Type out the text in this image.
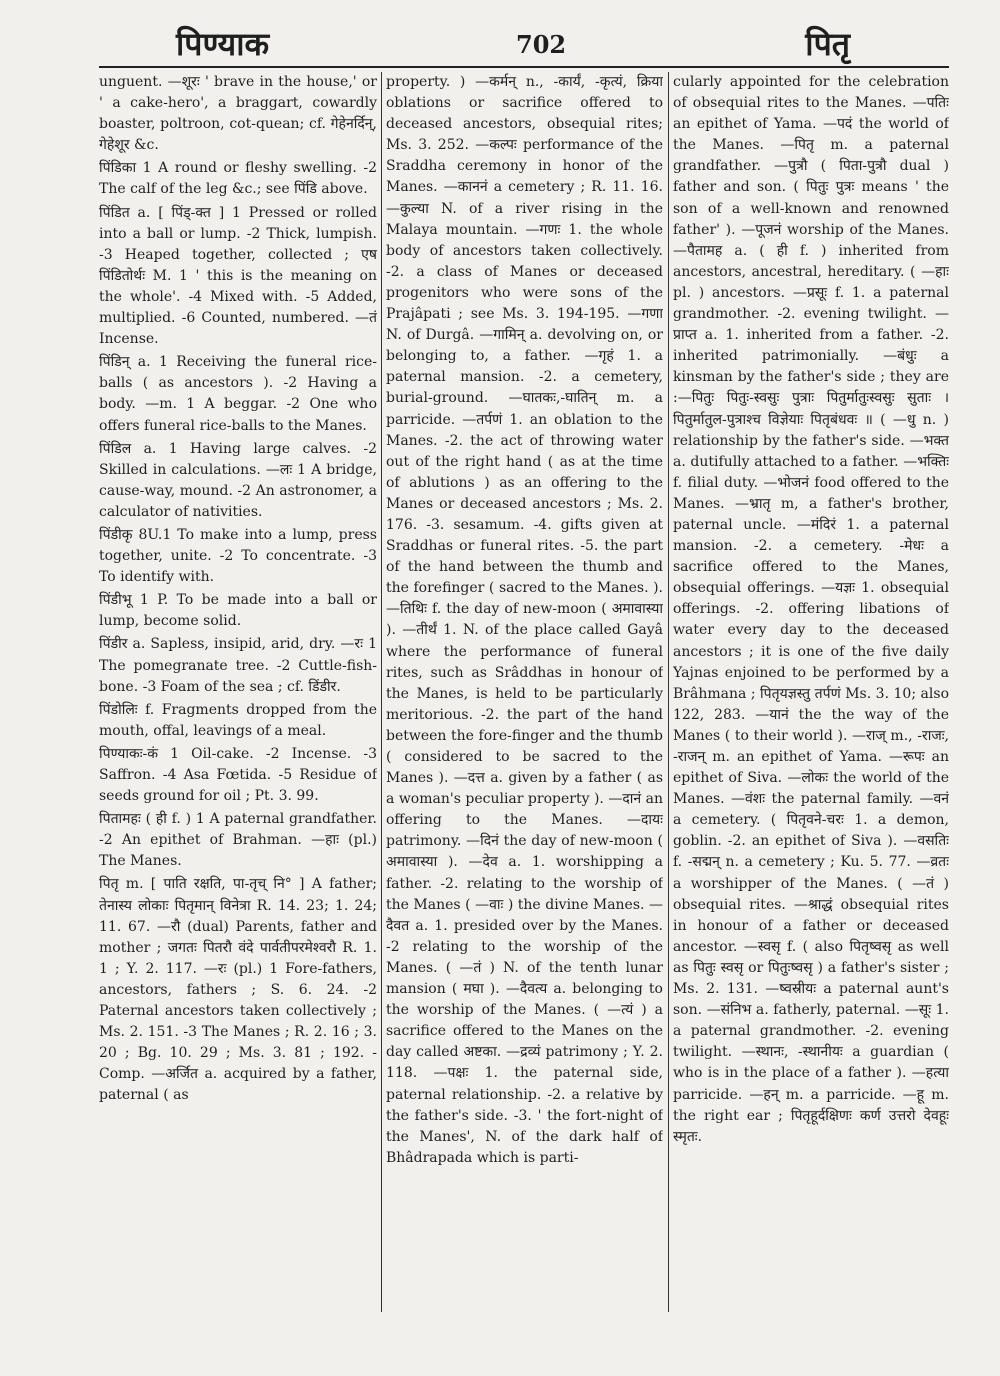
पिण्याक	702	पितृ

unguent. —शूरः ' brave in the house,' or ' a cake-hero', a braggart, cowardly boaster, poltroon, cot-quean; cf. गेहेनर्दिन्, गेहेशूर &c.

पिंडिका 1 A round or fleshy swelling. -2 The calf of the leg &c.; see पिंडि above.

पिंडित a. [ पिंड्-क्त ] 1 Pressed or rolled into a ball or lump. -2 Thick, lumpish. -3 Heaped together, collected ; एष पिंडितोर्थः M. 1 ' this is the meaning on the whole'. -4 Mixed with. -5 Added, multiplied. -6 Counted, numbered. —तं Incense.

पिंडिन् a. 1 Receiving the funeral rice-balls ( as ancestors ). -2 Having a body. —m. 1 A beggar. -2 One who offers funeral rice-balls to the Manes.

पिंडिल a. 1 Having large calves. -2 Skilled in calculations. —लः 1 A bridge, cause-way, mound. -2 An astronomer, a calculator of nativities.

पिंडीकृ 8U.1 To make into a lump, press together, unite. -2 To concentrate. -3 To identify with.

पिंडीभू 1 P. To be made into a ball or lump, become solid.

पिंडीर a. Sapless, insipid, arid, dry. —रः 1 The pomegranate tree. -2 Cuttle-fish-bone. -3 Foam of the sea ; cf. डिंडीर.

पिंडोलिः f. Fragments dropped from the mouth, offal, leavings of a meal.

पिण्याकः-कं 1 Oil-cake. -2 Incense. -3 Saffron. -4 Asa Fœtida. -5 Residue of seeds ground for oil ; Pt. 3. 99.

पितामहः ( ही f. ) 1 A paternal grandfather. -2 An epithet of Brahman. —हाः (pl.) The Manes.

पितृ m. [ पाति रक्षति, पा-तृच् नि° ] A father; तेनास्य लोकाः पितृमान् विनेत्रा R. 14. 23; 1. 24; 11. 67. —रौ (dual) Parents, father and mother ; जगतः पितरौ वंदे पार्वतीपरमेश्वरौ R. 1. 1 ; Y. 2. 117. —रः (pl.) 1 Fore-fathers, ancestors, fathers ; S. 6. 24. -2 Paternal ancestors taken collectively ; Ms. 2. 151. -3 The Manes ; R. 2. 16 ; 3. 20 ; Bg. 10. 29 ; Ms. 3. 81 ; 192. -Comp. —अर्जित a. acquired by a father, paternal ( as

property. ) —कर्मन् n., -कार्यं, -कृत्यं, क्रिया oblations or sacrifice offered to deceased ancestors, obsequial rites; Ms. 3. 252. —कल्पः performance of the Sraddha ceremony in honor of the Manes. —काननं a cemetery ; R. 11. 16. —कुल्या N. of a river rising in the Malaya mountain. —गणः 1. the whole body of ancestors taken collectively. -2. a class of Manes or deceased progenitors who were sons of the Prajâpati ; see Ms. 3. 194-195. —गणा N. of Durgâ. —गामिन् a. devolving on, or belonging to, a father. —गृहं 1. a paternal mansion. -2. a cemetery, burial-ground. —घातकः,-घातिन् m. a parricide. —तर्पणं 1. an oblation to the Manes. -2. the act of throwing water out of the right hand ( as at the time of ablutions ) as an offering to the Manes or deceased ancestors ; Ms. 2. 176. -3. sesamum. -4. gifts given at Sraddhas or funeral rites. -5. the part of the hand between the thumb and the forefinger ( sacred to the Manes. ). —तिथिः f. the day of new-moon ( अमावास्या ). —तीर्थं 1. N. of the place called Gayâ where the performance of funeral rites, such as Srâddhas in honour of the Manes, is held to be particularly meritorious. -2. the part of the hand between the fore-finger and the thumb ( considered to be sacred to the Manes ). —दत्त a. given by a father ( as a woman's peculiar property ). —दानं an offering to the Manes. —दायः patrimony. —दिनं the day of new-moon ( अमावास्या ). —देव a. 1. worshipping a father. -2. relating to the worship of the Manes ( —वाः ) the divine Manes. —दैवत a. 1. presided over by the Manes. -2 relating to the worship of the Manes. ( —तं ) N. of the tenth lunar mansion ( मघा ). —दैवत्य a. belonging to the worship of the Manes. ( —त्यं ) a sacrifice offered to the Manes on the day called अष्टका. —द्रव्यं patrimony ; Y. 2. 118. —पक्षः 1. the paternal side, paternal relationship. -2. a relative by the father's side. -3. ' the fort-night of the Manes', N. of the dark half of Bhâdrapada which is parti-

cularly appointed for the celebration of obsequial rites to the Manes. —पतिः an epithet of Yama. —पदं the world of the Manes. —पितृ m. a paternal grandfather. —पुत्रौ ( पिता-पुत्रौ dual ) father and son. ( पितुः पुत्रः means ' the son of a well-known and renowned father' ). —पूजनं worship of the Manes. —पैतामह a. ( ही f. ) inherited from ancestors, ancestral, hereditary. ( —हाः pl. ) ancestors. —प्रसूः f. 1. a paternal grandmother. -2. evening twilight. —प्राप्त a. 1. inherited from a father. -2. inherited patrimonially. —बंधुः a kinsman by the father's side ; they are :—पितुः पितुः-स्वसुः पुत्राः पितुर्मातुःस्वसुः सुताः । पितुर्मातुल-पुत्राश्च विज्ञेयाः पितृबंधवः ॥ ( —धु n. ) relationship by the father's side. —भक्त a. dutifully attached to a father. —भक्तिः f. filial duty. —भोजनं food offered to the Manes. —भ्रातृ m, a father's brother, paternal uncle. —मंदिरं 1. a paternal mansion. -2. a cemetery. -मेधः a sacrifice offered to the Manes, obsequial offerings. —यज्ञः 1. obsequial offerings. -2. offering libations of water every day to the deceased ancestors ; it is one of the five daily Yajnas enjoined to be performed by a Brâhmana ; पितृयज्ञस्तु तर्पणं Ms. 3. 10; also 122, 283. —यानं the the way of the Manes ( to their world ). —राज् m., -राजः, -राजन् m. an epithet of Yama. —रूपः an epithet of Siva. —लोकः the world of the Manes. —वंशः the paternal family. —वनं a cemetery. ( पितृवने-चरः 1. a demon, goblin. -2. an epithet of Siva ). —वसतिः f. -सद्मन् n. a cemetery ; Ku. 5. 77. —व्रतः a worshipper of the Manes. ( —तं ) obsequial rites. —श्राद्धं obsequial rites in honour of a father or deceased ancestor. —स्वसृ f. ( also पितृष्वसृ as well as पितुः स्वसृ or पितुःष्वसृ ) a father's sister ; Ms. 2. 131. —ष्वस्रीयः a paternal aunt's son. —संनिभ a. fatherly, paternal. —सूः 1. a paternal grandmother. -2. evening twilight. —स्थानः, -स्थानीयः a guardian ( who is in the place of a father ). —हत्या parricide. —हन् m. a parricide. —हू m. the right ear ; पितृहूर्दक्षिणः कर्ण उत्तरो देवहूः स्मृतः.
